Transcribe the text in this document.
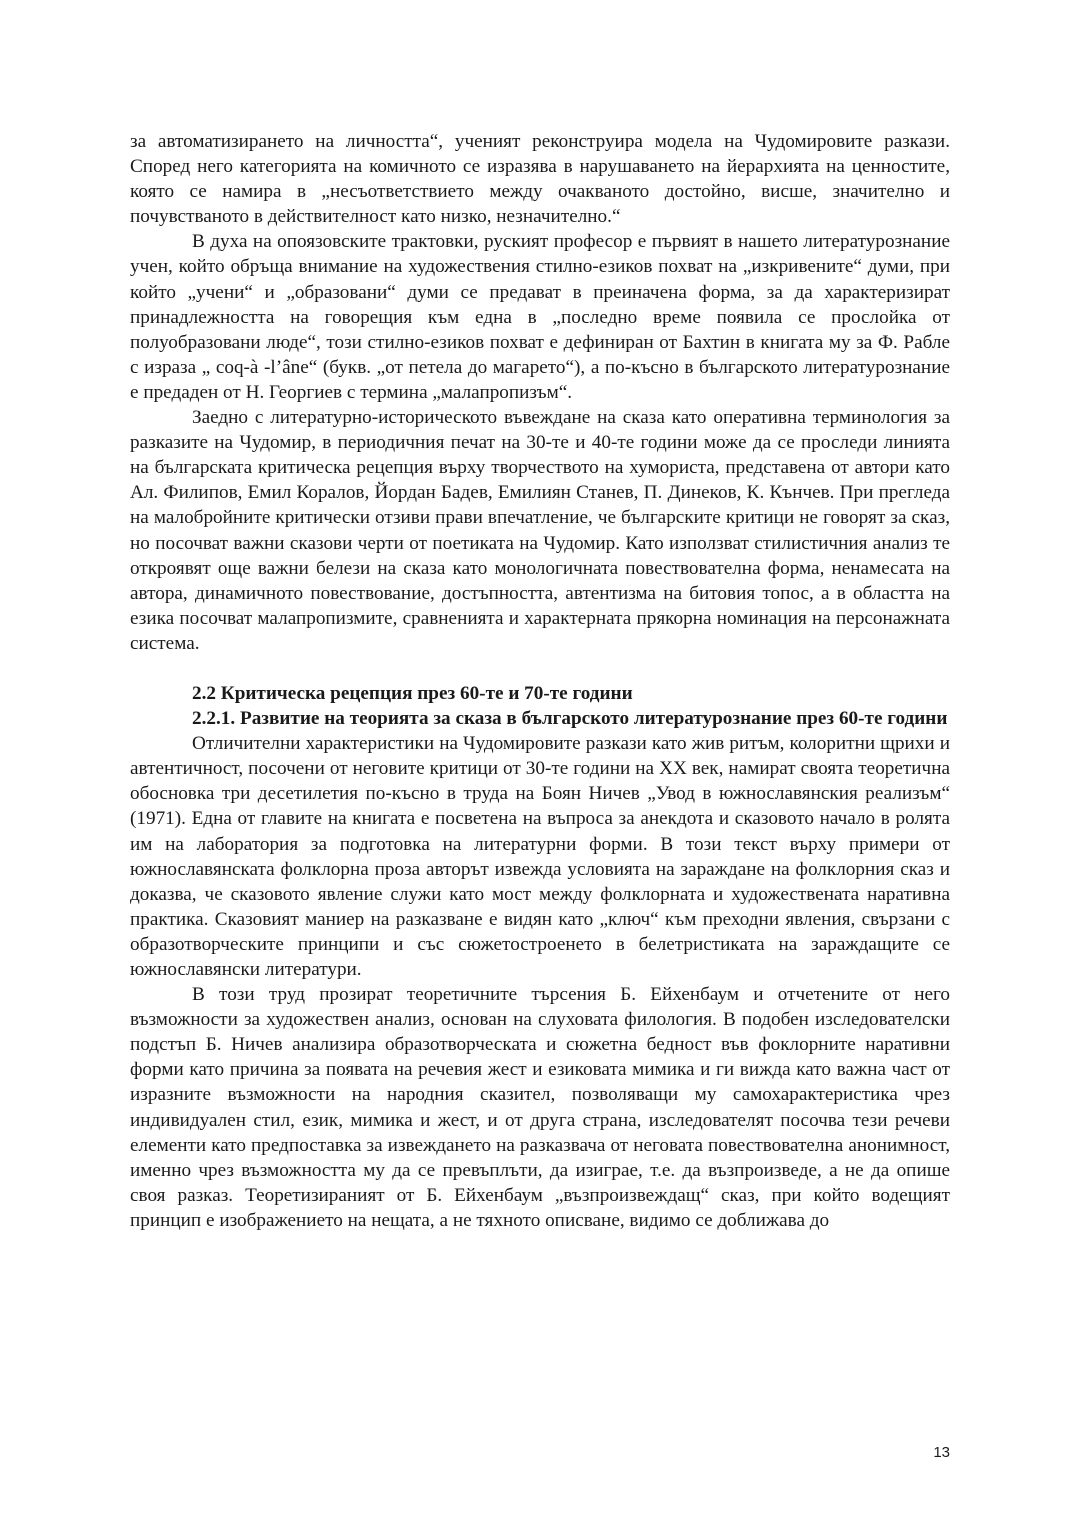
за автоматизирането на личността“, ученият реконструира модела на Чудомировите разкази. Според него категорията на комичното се изразява в нарушаването на йерархията на ценностите, която се намира в „несъответствието между очакваното достойно, висше, значително и почувстваното в действителност като низко, незначително.“

В духа на опоязовските трактовки, руският професор е първият в нашето литературознание учен, който обръща внимание на художествения стилно-езиков похват на „изкривените“ думи, при който „учени“ и „образовани“ думи се предават в преиначена форма, за да характеризират принадлежността на говорещия към една в „последно време появила се прослойка от полуобразовани люде“, този стилно-езиков похват е дефиниран от Бахтин в книгата му за Ф. Рабле с израза „ coq-à -l’âne“ (букв. „от петела до магарето“), а по-късно в българското литературознание е предаден от Н. Георгиев с термина „малапропизъм“.

Заедно с литературно-историческото въвеждане на сказа като оперативна терминология за разказите на Чудомир, в периодичния печат на 30-те и 40-те години може да се проследи линията на българската критическа рецепция върху творчеството на хумориста, представена от автори като Ал. Филипов, Емил Коралов, Йордан Бадев, Емилиян Станев, П. Динеков, К. Кънчев. При прегледа на малобройните критически отзиви прави впечатление, че българските критици не говорят за сказ, но посочват важни сказови черти от поетиката на Чудомир. Като използват стилистичния анализ те откроявят още важни белези на сказа като монологичната повествователна форма, ненамесата на автора, динамичното повествование, достъпността, автентизма на битовия топос, а в областта на езика посочват малапропизмите, сравненията и характерната прякорна номинация на персонажната система.

2.2 Критическа рецепция през 60-те и 70-те години

2.2.1. Развитие на теорията за сказа в българското литературознание през 60-те години

Отличителни характеристики на Чудомировите разкази като жив ритъм, колоритни щрихи и автентичност, посочени от неговите критици от 30-те години на XX век, намират своята теоретична обосновка три десетилетия по-късно в труда на Боян Ничев „Увод в южнославянския реализъм“ (1971). Една от главите на книгата е посветена на въпроса за анекдота и сказовото начало в ролята им на лаборатория за подготовка на литературни форми. В този текст върху примери от южнославянската фолклорна проза авторът извежда условията на зараждане на фолклорния сказ и доказва, че сказовото явление служи като мост между фолклорната и художествената наративна практика. Сказовият маниер на разказване е видян като „ключ“ към преходни явления, свързани с образотворческите принципи и със сюжетостроенето в белетристиката на зараждащите се южнославянски литератури.

В този труд прозират теоретичните търсения Б. Ейхенбаум и отчетените от него възможности за художествен анализ, основан на слуховата филология. В подобен изследователски подстъп Б. Ничев анализира образотворческата и сюжетна бедност във фоклорните наративни форми като причина за появата на речевия жест и езиковата мимика и ги вижда като важна част от изразните възможности на народния сказител, позволяващи му самохарактеристика чрез индивидуален стил, език, мимика и жест, и от друга страна, изследователят посочва тези речеви елементи като предпоставка за извеждането на разказвача от неговата повествователна анонимност, именно чрез възможността му да се превъплъти, да изиграе, т.е. да възпроизведе, а не да опише своя разказ. Теоретизираният от Б. Ейхенбаум „възпроизвеждащ“ сказ, при който водещият принцип е изображението на нещата, а не тяхното описване, видимо се доближава до

13
